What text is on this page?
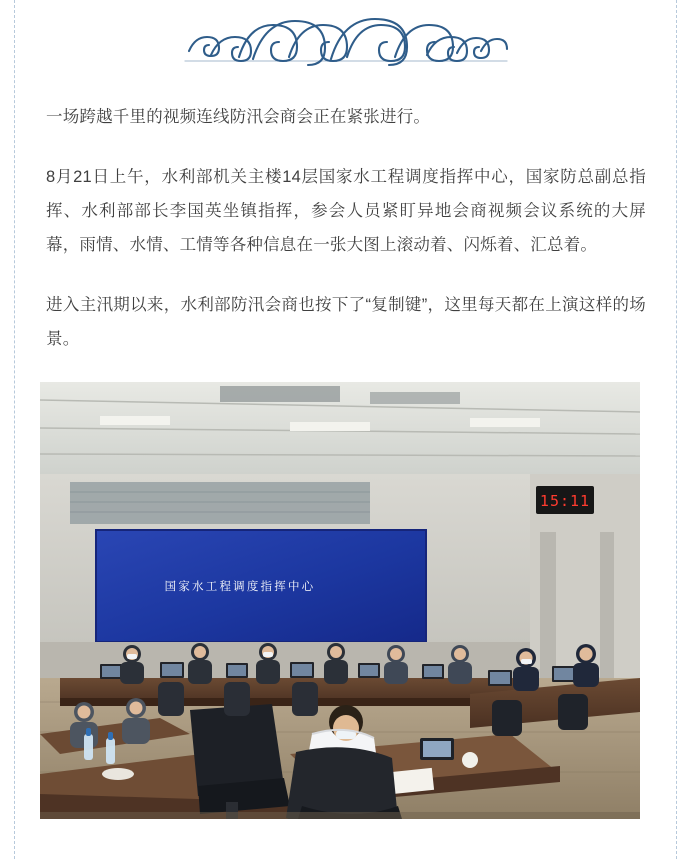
一场跨越千里的视频连线防汛会商会正在紧张进行。

8月21日上午，水利部机关主楼14层国家水工程调度指挥中心，国家防总副总指挥、水利部部长李国英坐镇指挥，参会人员紧盯异地会商视频会议系统的大屏幕，雨情、水情、工情等各种信息在一张大图上滚动着、闪烁着、汇总着。

进入主汛期以来，水利部防汛会商也按下了“复制键”，这里每天都在上演这样的场景。

15:11
国家水工程调度指挥中心
